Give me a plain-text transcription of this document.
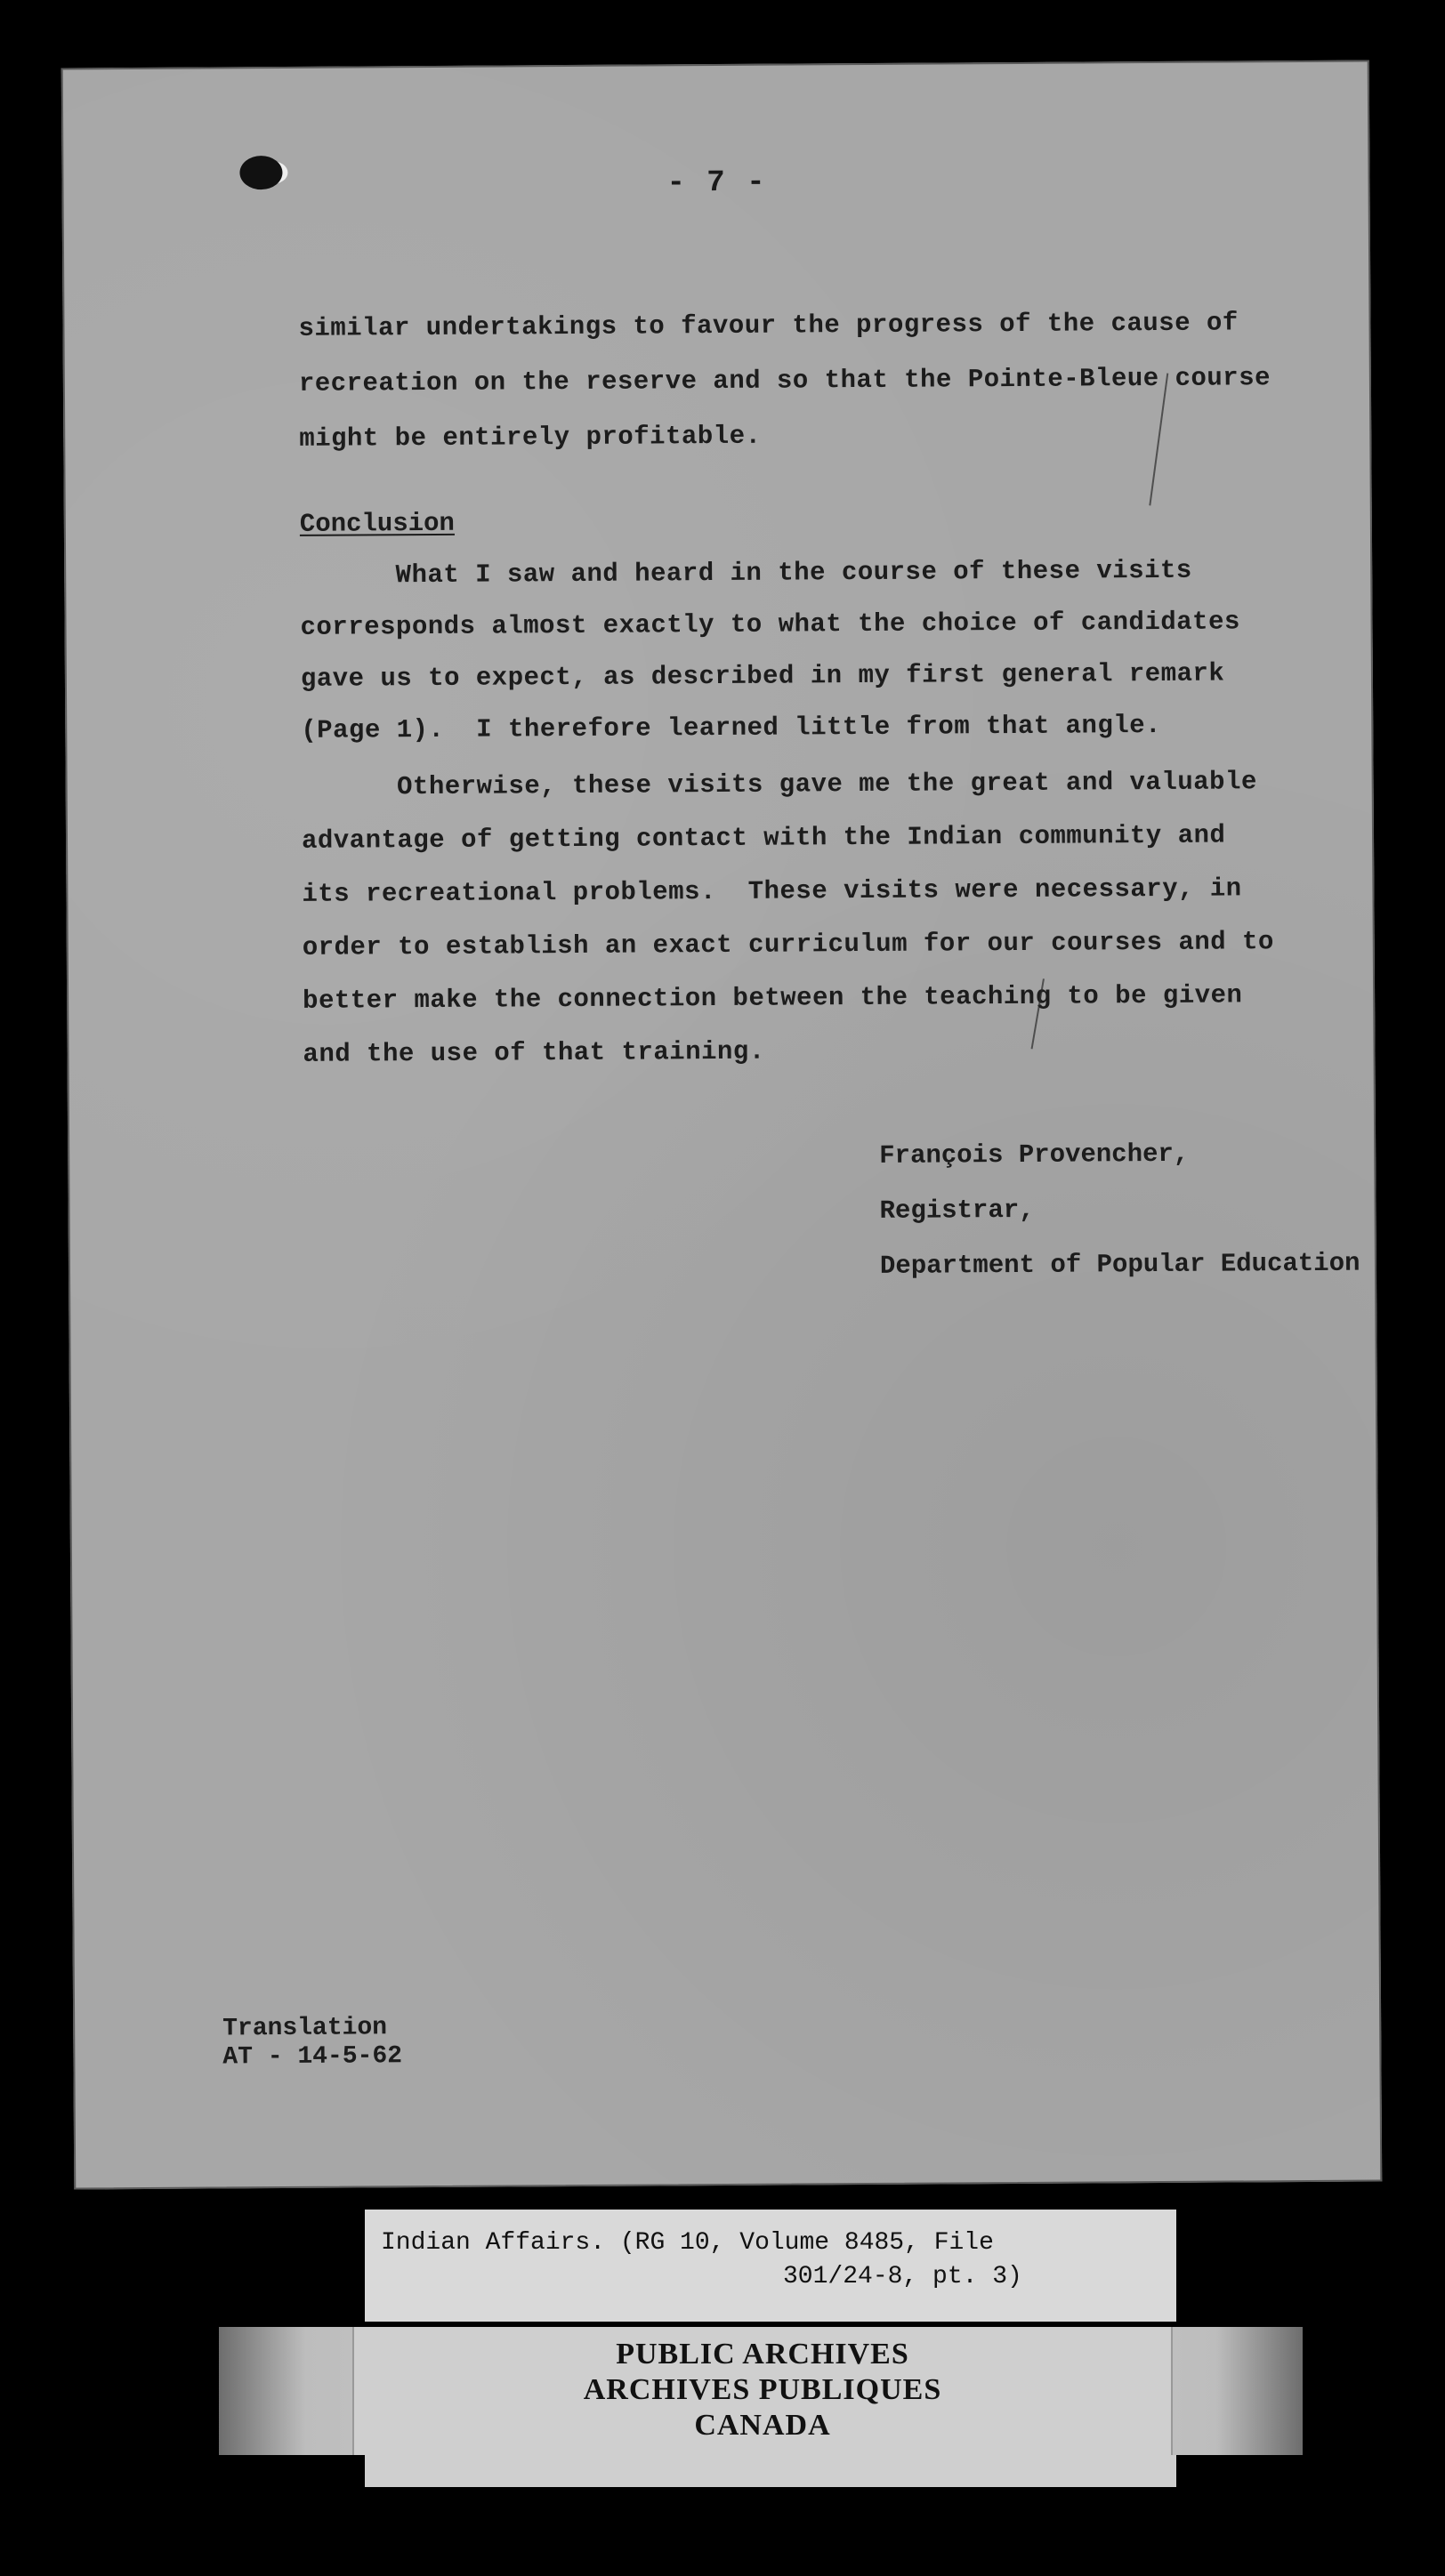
- 7 -
similar undertakings to favour the progress of the cause of
recreation on the reserve and so that the Pointe-Bleue course
might be entirely profitable.
Conclusion
What I saw and heard in the course of these visits
corresponds almost exactly to what the choice of candidates
gave us to expect, as described in my first general remark
(Page 1).  I therefore learned little from that angle.
Otherwise, these visits gave me the great and valuable
advantage of getting contact with the Indian community and
its recreational problems.  These visits were necessary, in
order to establish an exact curriculum for our courses and to
better make the connection between the teaching to be given
and the use of that training.
François Provencher,
Registrar,
Department of Popular Education
Translation
AT - 14-5-62
Indian Affairs. (RG 10, Volume 8485, File
301/24-8, pt. 3)
PUBLIC ARCHIVES
ARCHIVES PUBLIQUES
CANADA
